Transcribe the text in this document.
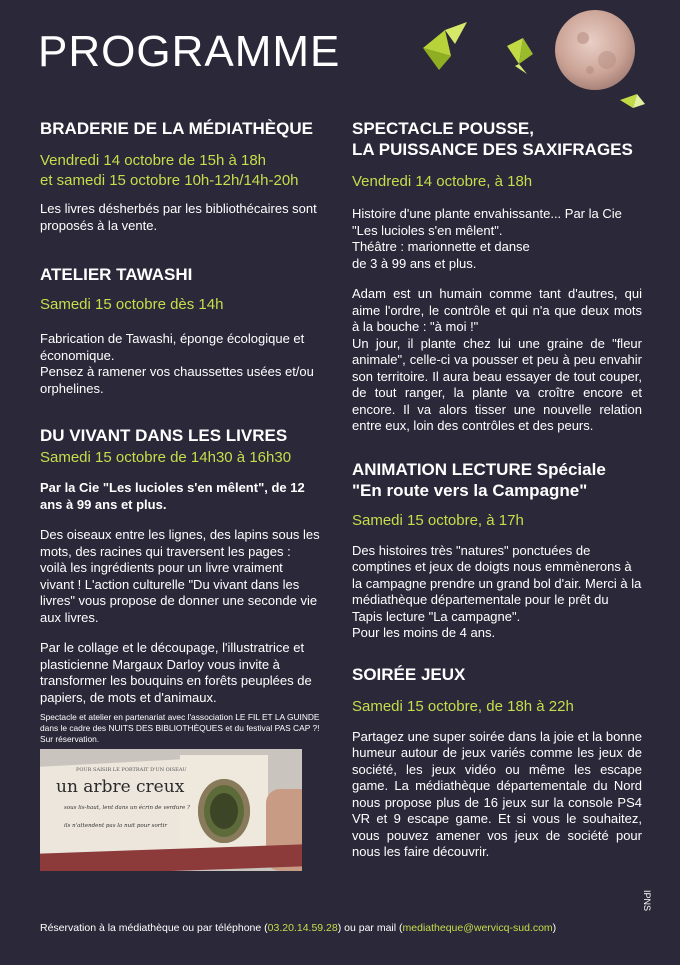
PROGRAMME
BRADERIE DE LA MÉDIATHÈQUE
Vendredi 14 octobre de 15h à 18h
et samedi 15 octobre 10h-12h/14h-20h

Les livres désherbés par les bibliothécaires sont proposés à la vente.

ATELIER TAWASHI
Samedi 15 octobre dès 14h

Fabrication de Tawashi, éponge écologique et économique.

Pensez à ramener vos chaussettes usées et/ou orphelines.

DU VIVANT DANS LES LIVRES
Samedi 15 octobre de 14h30 à 16h30

Par la Cie "Les lucioles s'en mêlent", de 12 ans à 99 ans et plus.

Des oiseaux entre les lignes, des lapins sous les mots, des racines qui traversent les pages : voilà les ingrédients pour un livre vraiment vivant ! L'action culturelle "Du vivant dans les livres" vous propose de donner une seconde vie aux livres.

Par le collage et le découpage, l'illustratrice et plasticienne Margaux Darloy vous invite à transformer les bouquins en forêts peuplées de papiers, de mots et d'animaux.

Spectacle et atelier en partenariat avec l'association LE FIL ET LA GUINDE dans le cadre des NUITS DES BIBLIOTHÈQUES et du festival PAS CAP ?! Sur réservation.

POUR SAISIR LE PORTRAIT D'UN OISEAU
un arbre creux
sous lis-haut, lent dans un écrin de verdure ?
ils n'attendent pas la nuit pour sortir
SPECTACLE POUSSE,
LA PUISSANCE DES SAXIFRAGES
Vendredi 14 octobre, à 18h

Histoire d'une plante envahissante... Par la Cie "Les lucioles s'en mêlent".

Théâtre : marionnette et danse

de 3 à 99 ans et plus.

Adam est un humain comme tant d'autres, qui aime l'ordre, le contrôle et qui n'a que deux mots à la bouche : "à moi !"

Un jour, il plante chez lui une graine de "fleur animale", celle-ci va pousser et peu à peu envahir son territoire. Il aura beau essayer de tout couper, de tout ranger, la plante va croître encore et encore. Il va alors tisser une nouvelle relation entre eux, loin des contrôles et des peurs.

ANIMATION LECTURE Spéciale
"En route vers la Campagne"
Samedi 15 octobre, à 17h

Des histoires très "natures" ponctuées de comptines et jeux de doigts nous emmènerons à la campagne prendre un grand bol d'air. Merci à la médiathèque départementale pour le prêt du Tapis lecture "La campagne".

Pour les moins de 4 ans.

SOIRÉE JEUX
Samedi 15 octobre, de 18h à 22h

Partagez une super soirée dans la joie et la bonne humeur autour de jeux variés comme les jeux de société, les jeux vidéo ou même les escape game. La médiathèque départementale du Nord nous propose plus de 16 jeux sur la console PS4 VR et 9 escape game. Et si vous le souhaitez, vous pouvez amener vos jeux de société pour nous les faire découvrir.

Réservation à la médiathèque ou par téléphone (03.20.14.59.28) ou par mail (mediatheque@wervicq-sud.com)
IPNS
